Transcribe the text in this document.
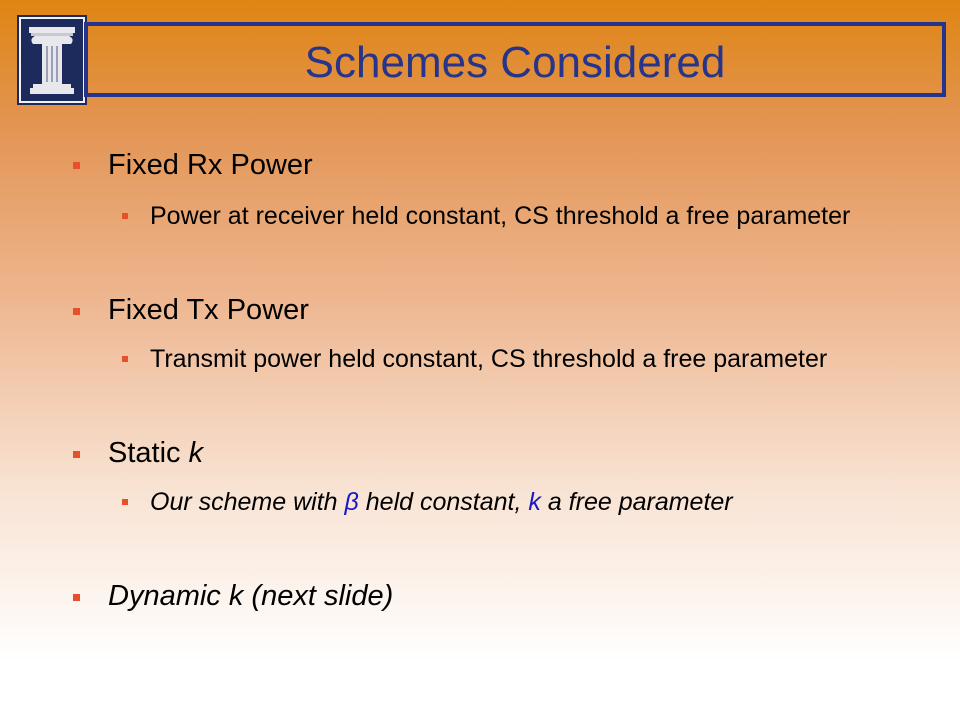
Schemes Considered
Fixed Rx Power
Power at receiver held constant, CS threshold a free parameter
Fixed Tx Power
Transmit power held constant, CS threshold a free parameter
Static k
Our scheme with β held constant, k a free parameter
Dynamic k (next slide)
